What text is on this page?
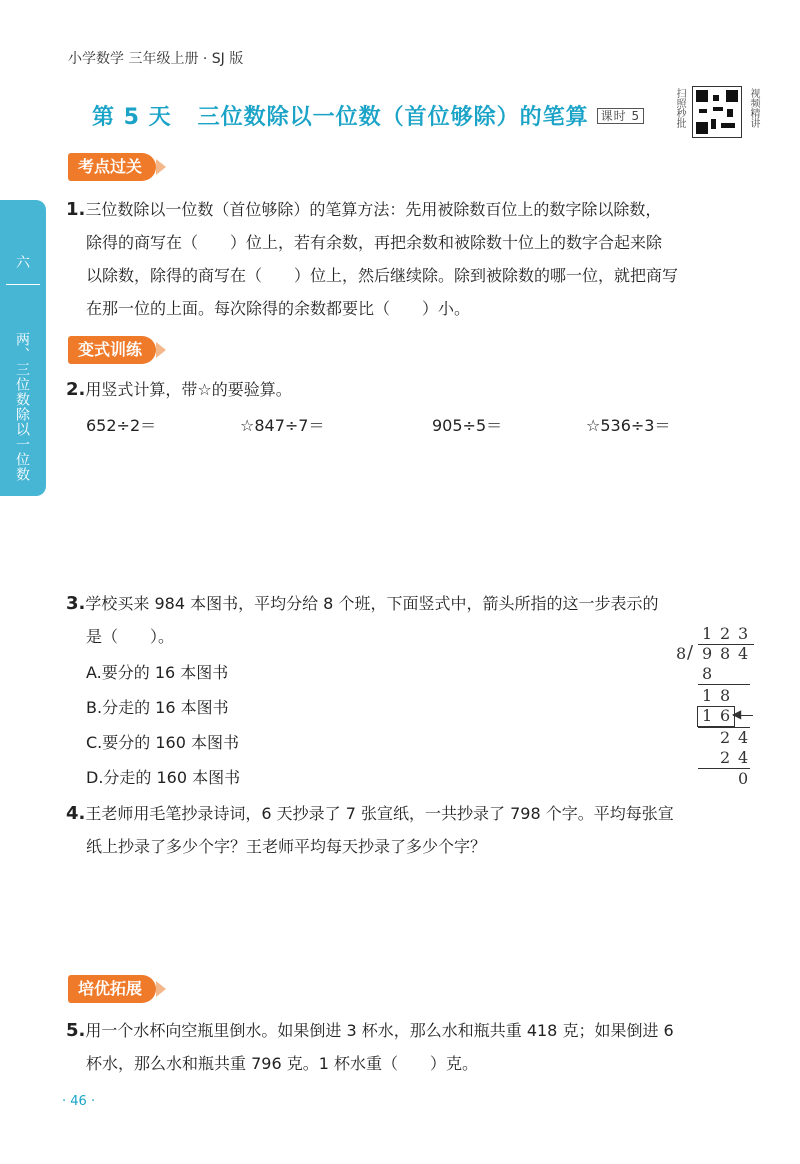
小学数学 三年级上册 · SJ 版
第 5 天 三位数除以一位数（首位够除）的笔算 课时 5	扫照秒批	视频精讲
六
两、三位数除以一位数
考点过关
1.三位数除以一位数（首位够除）的笔算方法：先用被除数百位上的数字除以除数，
除得的商写在（　　）位上，若有余数，再把余数和被除数十位上的数字合起来除
以除数，除得的商写在（　　）位上，然后继续除。除到被除数的哪一位，就把商写
在那一位的上面。每次除得的余数都要比（　　）小。
变式训练
2.用竖式计算，带☆的要验算。
652÷2＝	☆847÷7＝	905÷5＝	☆536÷3＝
3.学校买来 984 本图书，平均分给 8 个班，下面竖式中，箭头所指的这一步表示的
是（　　）。
A.要分的 16 本图书
B.分走的 16 本图书
C.要分的 160 本图书
D.分走的 160 本图书
1 2 3
8 / 9 8 4
8
1 8
1 6 ◀
2 4
2 4
0
4.王老师用毛笔抄录诗词，6 天抄录了 7 张宣纸，一共抄录了 798 个字。平均每张宣
纸上抄录了多少个字？王老师平均每天抄录了多少个字？
培优拓展
5.用一个水杯向空瓶里倒水。如果倒进 3 杯水，那么水和瓶共重 418 克；如果倒进 6
杯水，那么水和瓶共重 796 克。1 杯水重（　　）克。
· 46 ·
